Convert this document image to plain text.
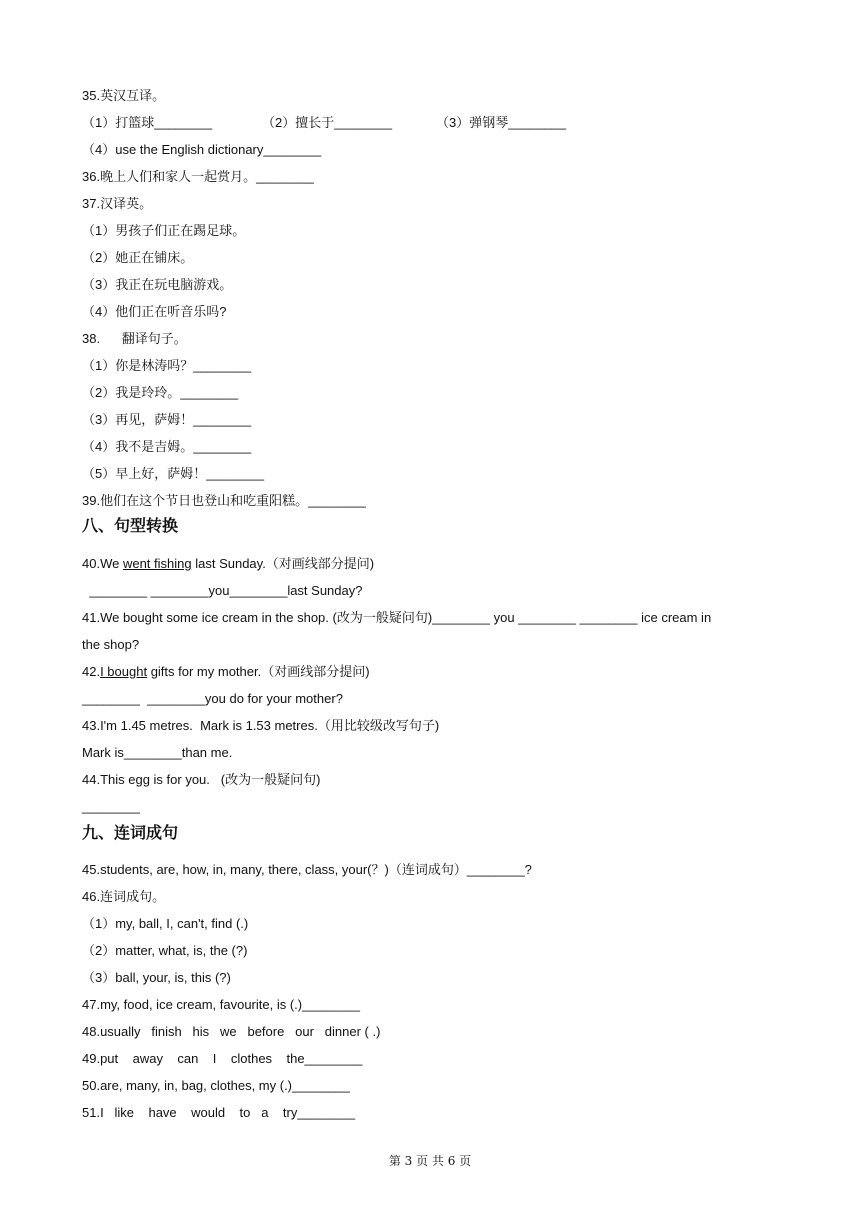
35.英汉互译。
（1）打篮球________	（2）擅长于________	（3）弹钢琴________
（4）use the English dictionary________
36.晚上人们和家人一起赏月。________
37.汉译英。
（1）男孩子们正在踢足球。
（2）她正在铺床。
（3）我正在玩电脑游戏。
（4）他们正在听音乐吗?
38.      翻译句子。
（1）你是林涛吗？________
（2）我是玲玲。________
（3）再见，萨姆！________
（4）我不是吉姆。________
（5）早上好，萨姆！________
39.他们在这个节日也登山和吃重阳糕。________
八、句型转换
40.We went fishing last Sunday.（对画线部分提问)
________ ________you________last Sunday?
41.We bought some ice cream in the shop. (改为一般疑问句)________ you ________ ________ ice cream in
the shop?
42.I bought gifts for my mother.（对画线部分提问)
________  ________you do for your mother?
43.I'm 1.45 metres.  Mark is 1.53 metres.（用比较级改写句子)
Mark is________than me.
44.This egg is for you.   (改为一般疑问句)
________
九、连词成句
45.students, are, how, in, many, there, class, your(？)（连词成句）________?
46.连词成句。
（1）my, ball, I, can't, find (.)
（2）matter, what, is, the (?)
（3）ball, your, is, this (?)
47.my, food, ice cream, favourite, is (.)________
48.usually   finish   his   we   before   our   dinner ( .)
49.put    away    can    I    clothes    the________
50.are, many, in, bag, clothes, my (.)________
51.I   like    have    would    to   a    try________
第 3 页 共 6 页
